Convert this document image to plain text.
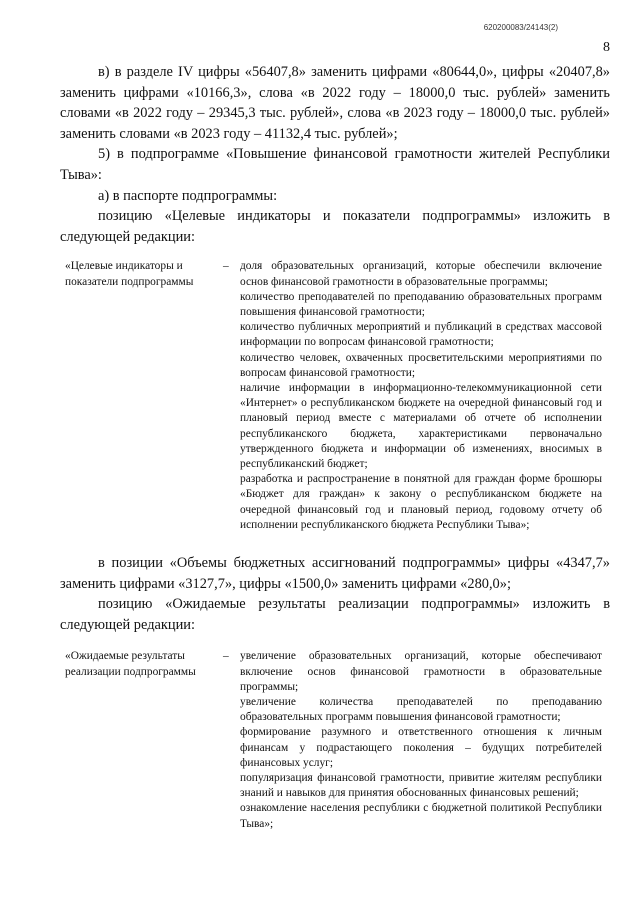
620200083/24143(2)
8

в) в разделе IV цифры «56407,8» заменить цифрами «80644,0», цифры «20407,8» заменить цифрами «10166,3», слова «в 2022 году – 18000,0 тыс. рублей» заменить словами «в 2022 году – 29345,3 тыс. рублей», слова «в 2023 году – 18000,0 тыс. рублей» заменить словами «в 2023 году – 41132,4 тыс. рублей»;

5) в подпрограмме «Повышение финансовой грамотности жителей Республики Тыва»:

а) в паспорте подпрограммы:

позицию «Целевые индикаторы и показатели подпрограммы» изложить в следующей редакции:

«Целевые индикаторы и показатели подпрограммы
– доля образовательных организаций, которые обеспечили включение основ финансовой грамотности в образовательные программы;
количество преподавателей по преподаванию образовательных программ повышения финансовой грамотности;
количество публичных мероприятий и публикаций в средствах массовой информации по вопросам финансовой грамотности;
количество человек, охваченных просветительскими мероприятиями по вопросам финансовой грамотности;
наличие информации в информационно-телекоммуникационной сети «Интернет» о республиканском бюджете на очередной финансовый год и плановый период вместе с материалами об отчете об исполнении республиканского бюджета, характеристиками первоначально утвержденного бюджета и информации об изменениях, вносимых в республиканский бюджет;
разработка и распространение в понятной для граждан форме брошюры «Бюджет для граждан» к закону о республиканском бюджете на очередной финансовый год и плановый период, годовому отчету об исполнении республиканского бюджета Республики Тыва»;

в позиции «Объемы бюджетных ассигнований подпрограммы» цифры «4347,7» заменить цифрами «3127,7», цифры «1500,0» заменить цифрами «280,0»;

позицию «Ожидаемые результаты реализации подпрограммы» изложить в следующей редакции:

«Ожидаемые результаты реализации подпрограммы
– увеличение образовательных организаций, которые обеспечивают включение основ финансовой грамотности в образовательные программы;
увеличение количества преподавателей по преподаванию образовательных программ повышения финансовой грамотности;
формирование разумного и ответственного отношения к личным финансам у подрастающего поколения – будущих потребителей финансовых услуг;
популяризация финансовой грамотности, привитие жителям республики знаний и навыков для принятия обоснованных финансовых решений;
ознакомление населения республики с бюджетной политикой Республики Тыва»;
